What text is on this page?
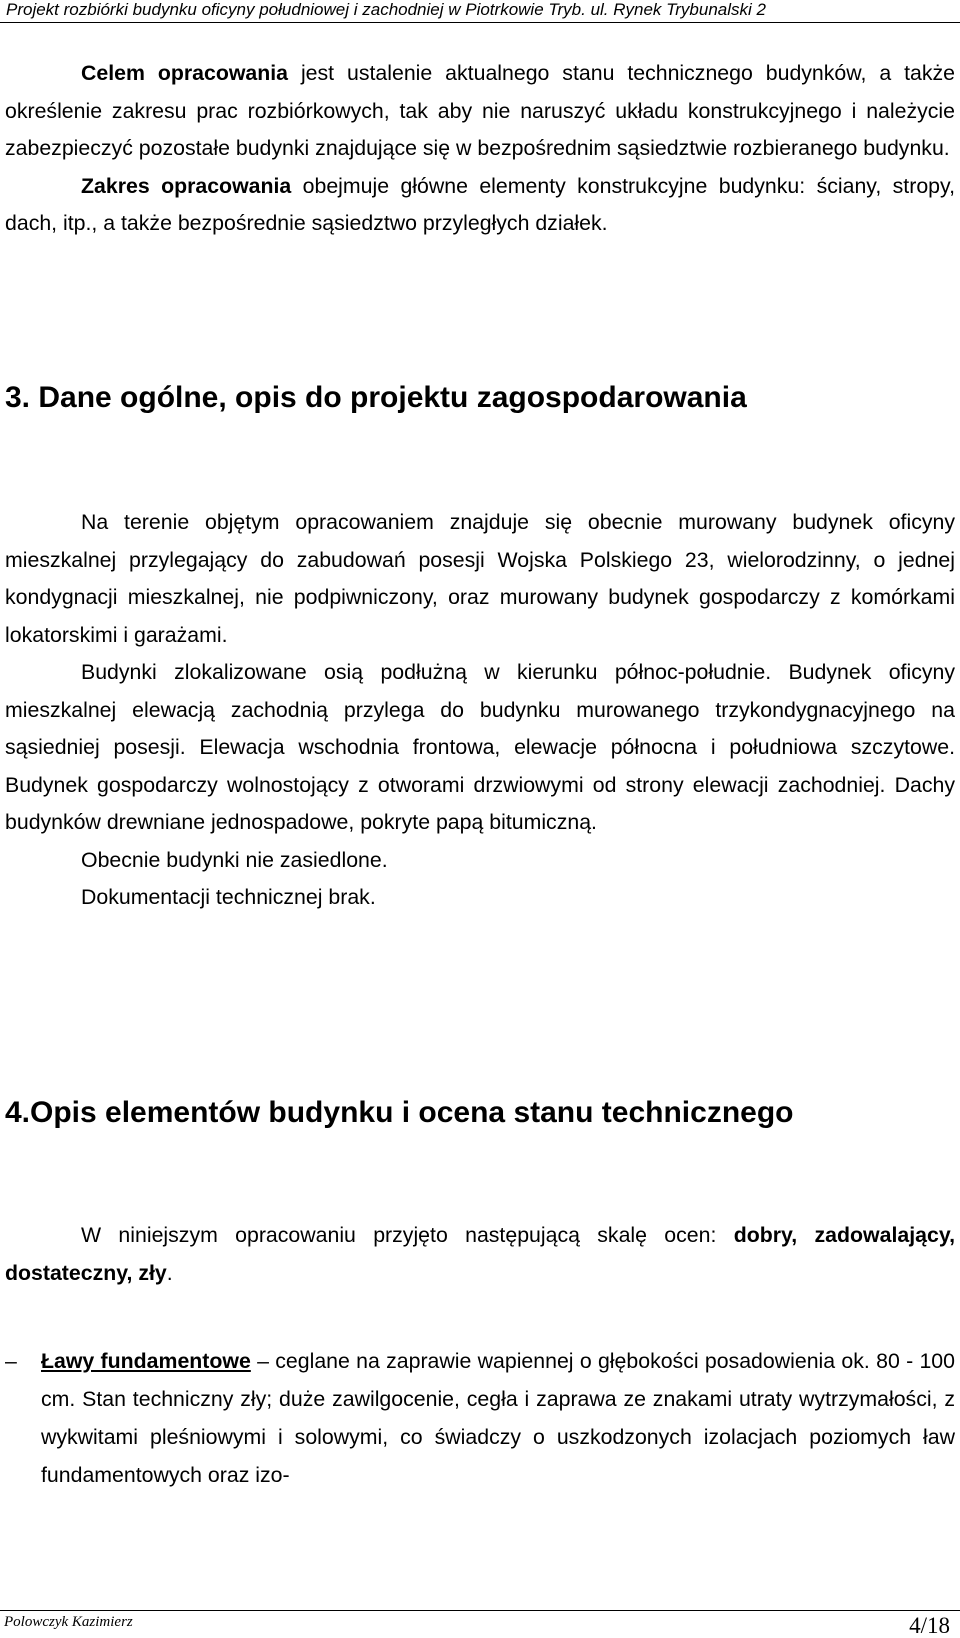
Projekt rozbiórki budynku oficyny południowej i zachodniej w Piotrkowie Tryb. ul. Rynek Trybunalski 2

Celem opracowania jest ustalenie aktualnego stanu technicznego budynków, a także określenie zakresu prac rozbiórkowych, tak aby nie naruszyć układu konstrukcyjnego i należycie zabezpieczyć pozostałe budynki znajdujące się w bezpośrednim sąsiedztwie rozbieranego budynku.

Zakres opracowania obejmuje główne elementy konstrukcyjne budynku: ściany, stropy, dach, itp., a także bezpośrednie sąsiedztwo przyległych działek.

3. Dane ogólne, opis do projektu zagospodarowania

Na terenie objętym opracowaniem znajduje się obecnie murowany budynek oficyny mieszkalnej przylegający do zabudowań posesji Wojska Polskiego 23, wielorodzinny, o jednej kondygnacji mieszkalnej, nie podpiwniczony, oraz murowany budynek gospodarczy z komórkami lokatorskimi i garażami.

Budynki zlokalizowane osią podłużną w kierunku północ-południe. Budynek oficyny mieszkalnej elewacją zachodnią przylega do budynku murowanego trzykondygnacyjnego na sąsiedniej posesji. Elewacja wschodnia frontowa, elewacje północna i południowa szczytowe. Budynek gospodarczy wolnostojący z otworami drzwiowymi od strony elewacji zachodniej. Dachy budynków drewniane jednospadowe, pokryte papą bitumiczną.

Obecnie budynki nie zasiedlone.

Dokumentacji technicznej brak.

4.Opis elementów budynku i ocena stanu technicznego

W niniejszym opracowaniu przyjęto następującą skalę ocen: dobry, zadowalający, dostateczny, zły.

– Ławy fundamentowe – ceglane na zaprawie wapiennej o głębokości posadowienia ok. 80 - 100 cm. Stan techniczny zły; duże zawilgocenie, cegła i zaprawa ze znakami utraty wytrzymałości, z wykwitami pleśniowymi i solowymi, co świadczy o uszkodzonych izolacjach poziomych ław fundamentowych oraz izo-
Polowczyk Kazimierz	4/18
